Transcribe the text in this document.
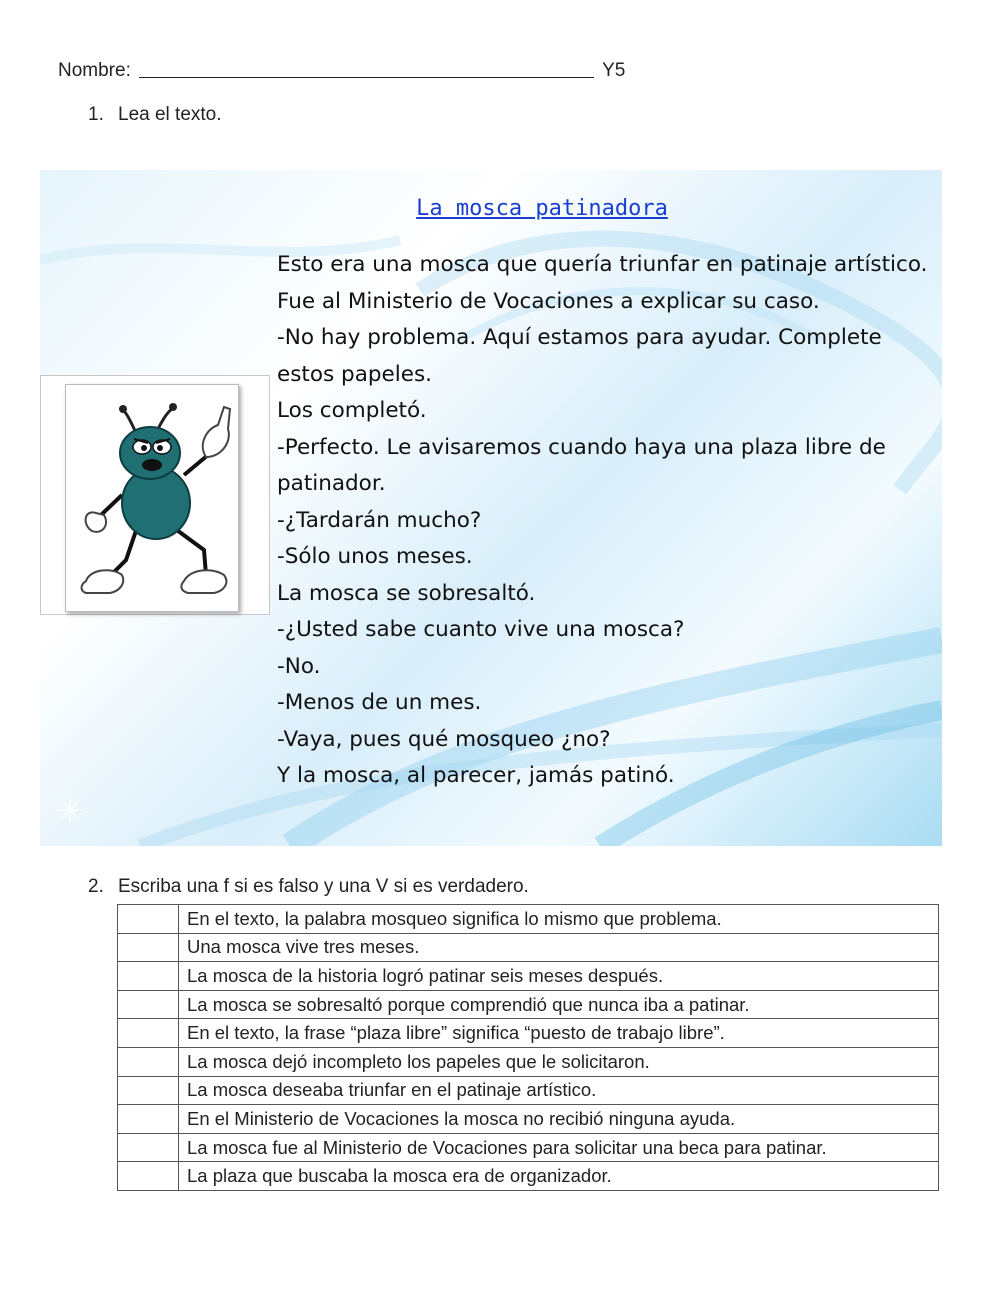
Nombre:	Y5
1. Lea el texto.
La mosca patinadora

Esto era una mosca que quería triunfar en patinaje artístico. Fue al Ministerio de Vocaciones a explicar su caso.

-No hay problema. Aquí estamos para ayudar. Complete estos papeles.

Los completó.

-Perfecto. Le avisaremos cuando haya una plaza libre de patinador.

-¿Tardarán mucho?

-Sólo unos meses.

La mosca se sobresaltó.

-¿Usted sabe cuanto vive una mosca?

-No.

-Menos de un mes.

-Vaya, pues qué mosqueo ¿no?

Y la mosca, al parecer, jamás patinó.

2. Escriba una f si es falso y una V si es verdadero.
	En el texto, la palabra mosqueo significa lo mismo que problema.
	Una mosca vive tres meses.
	La mosca de la historia logró patinar seis meses después.
	La mosca se sobresaltó porque comprendió que nunca iba a patinar.
	En el texto, la frase “plaza libre” significa “puesto de trabajo libre”.
	La mosca dejó incompleto los papeles que le solicitaron.
	La mosca deseaba triunfar en el patinaje artístico.
	En el Ministerio de Vocaciones la mosca no recibió ninguna ayuda.
	La mosca fue al Ministerio de Vocaciones para solicitar una beca para patinar.
	La plaza que buscaba la mosca era de organizador.
